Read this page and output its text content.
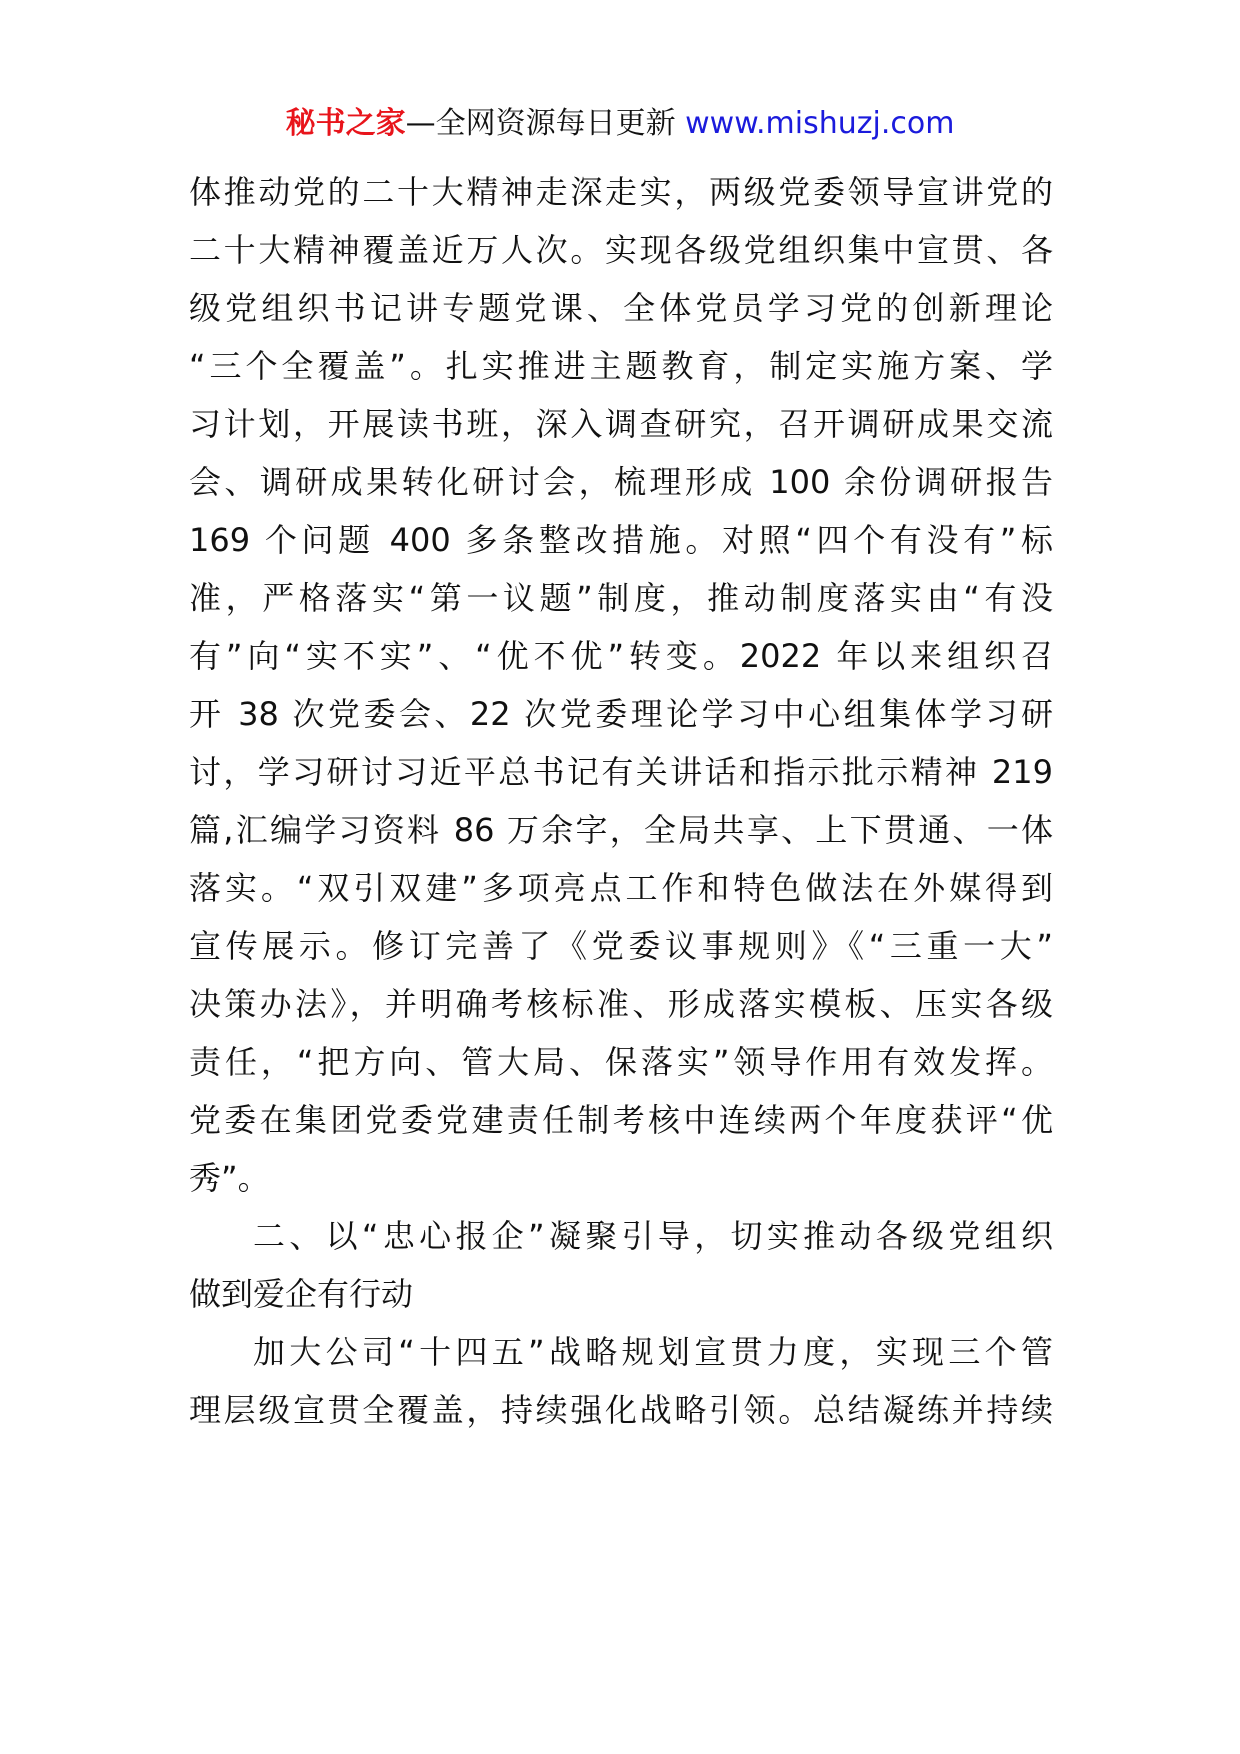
秘书之家—全网资源每日更新 www.mishuzj.com
体推动党的二十大精神走深走实，两级党委领导宣讲党的
二十大精神覆盖近万人次。实现各级党组织集中宣贯、各
级党组织书记讲专题党课、全体党员学习党的创新理论
“三个全覆盖”。扎实推进主题教育，制定实施方案、学
习计划，开展读书班，深入调查研究，召开调研成果交流
会、调研成果转化研讨会，梳理形成 100 余份调研报告
169 个问题 400 多条整改措施。对照“四个有没有”标
准，严格落实“第一议题”制度，推动制度落实由“有没
有”向“实不实”、“优不优”转变。2022 年以来组织召
开 38 次党委会、22 次党委理论学习中心组集体学习研
讨，学习研讨习近平总书记有关讲话和指示批示精神 219
篇,汇编学习资料 86 万余字，全局共享、上下贯通、一体
落实。“双引双建”多项亮点工作和特色做法在外媒得到
宣传展示。修订完善了《党委议事规则》《“三重一大”
决策办法》，并明确考核标准、形成落实模板、压实各级
责任，“把方向、管大局、保落实”领导作用有效发挥。
党委在集团党委党建责任制考核中连续两个年度获评“优
秀”。
二、以“忠心报企”凝聚引导，切实推动各级党组织
做到爱企有行动
加大公司“十四五”战略规划宣贯力度，实现三个管
理层级宣贯全覆盖，持续强化战略引领。总结凝练并持续
